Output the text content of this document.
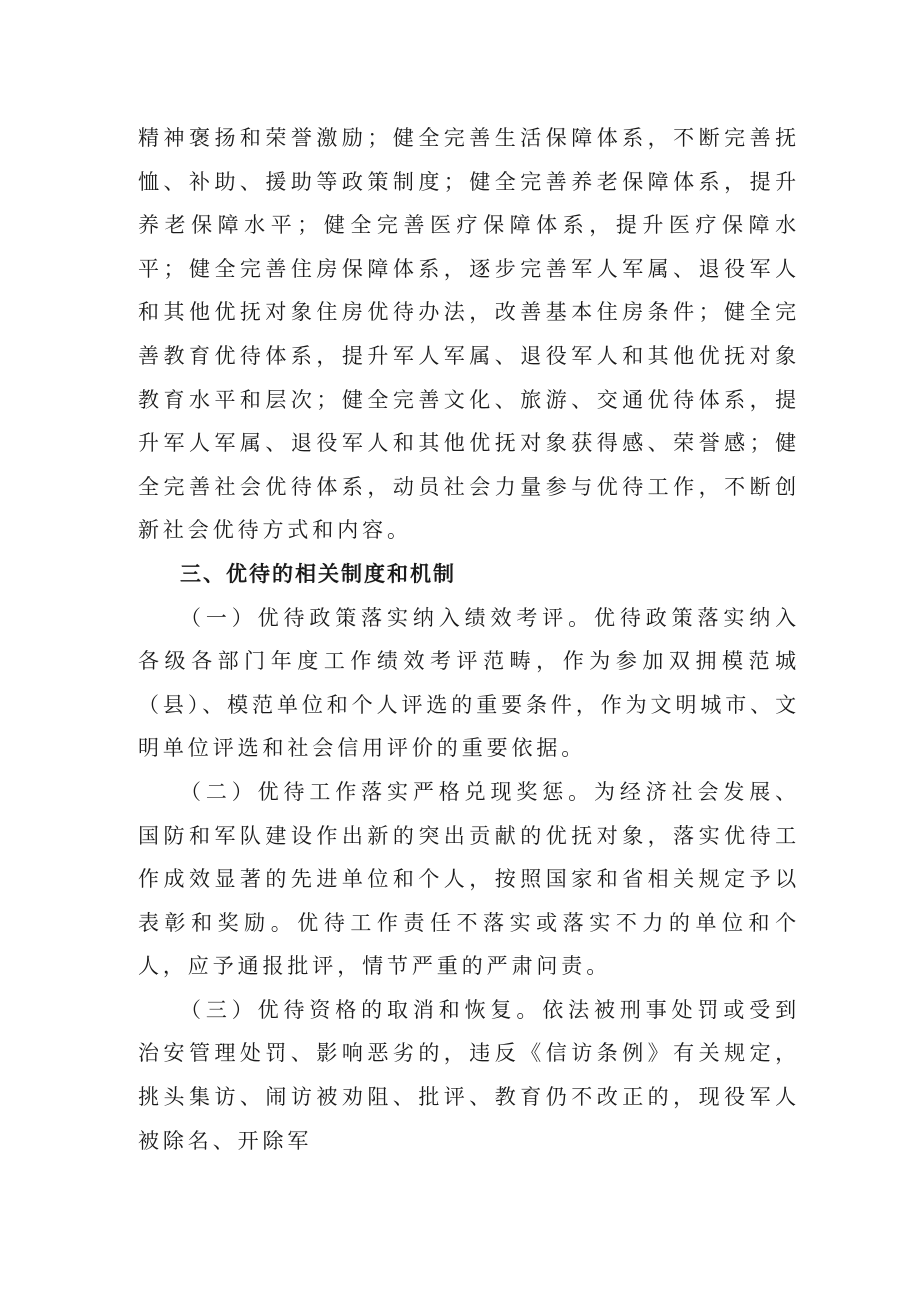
精神褒扬和荣誉激励；健全完善生活保障体系，不断完善抚恤、补助、援助等政策制度；健全完善养老保障体系，提升养老保障水平；健全完善医疗保障体系，提升医疗保障水平；健全完善住房保障体系，逐步完善军人军属、退役军人和其他优抚对象住房优待办法，改善基本住房条件；健全完善教育优待体系，提升军人军属、退役军人和其他优抚对象教育水平和层次；健全完善文化、旅游、交通优待体系，提升军人军属、退役军人和其他优抚对象获得感、荣誉感；健全完善社会优待体系，动员社会力量参与优待工作，不断创新社会优待方式和内容。

三、优待的相关制度和机制

（一）优待政策落实纳入绩效考评。优待政策落实纳入各级各部门年度工作绩效考评范畴，作为参加双拥模范城（县）、模范单位和个人评选的重要条件，作为文明城市、文明单位评选和社会信用评价的重要依据。

（二）优待工作落实严格兑现奖惩。为经济社会发展、国防和军队建设作出新的突出贡献的优抚对象，落实优待工作成效显著的先进单位和个人，按照国家和省相关规定予以表彰和奖励。优待工作责任不落实或落实不力的单位和个人，应予通报批评，情节严重的严肃问责。

（三）优待资格的取消和恢复。依法被刑事处罚或受到治安管理处罚、影响恶劣的，违反《信访条例》有关规定，挑头集访、闹访被劝阻、批评、教育仍不改正的，现役军人被除名、开除军
